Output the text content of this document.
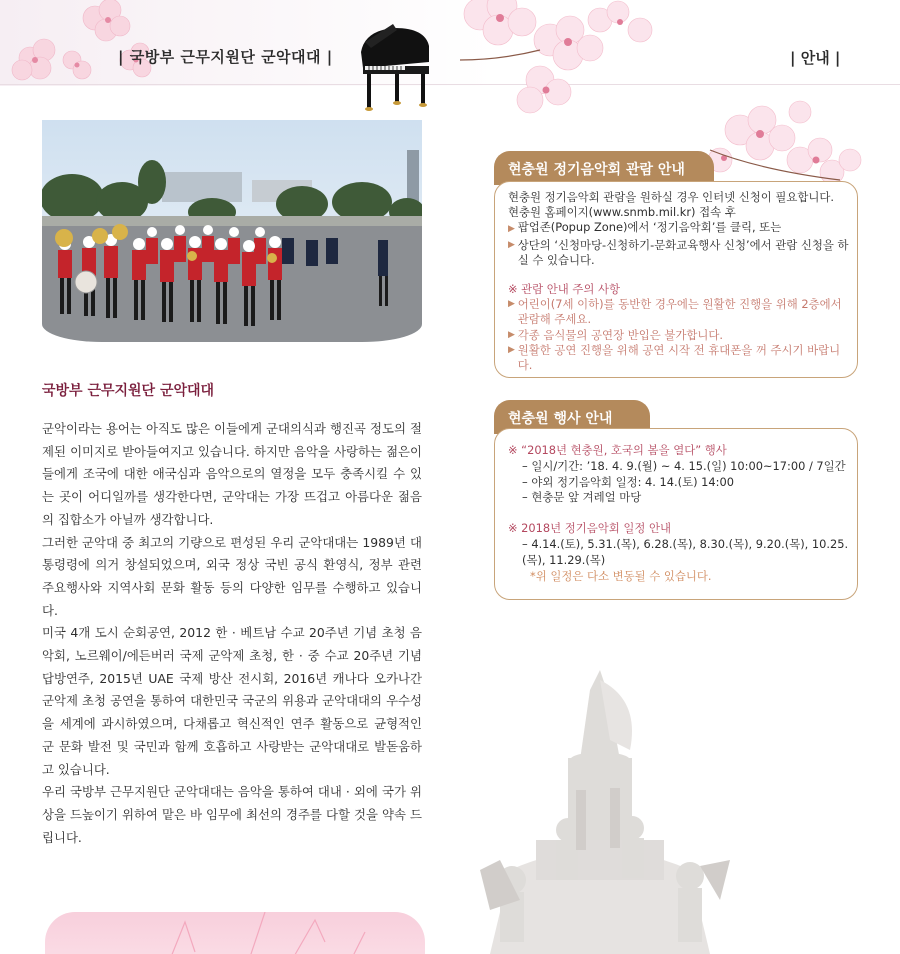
| 국방부 근무지원단 군악대대 |	| 안내 |
국방부 근무지원단 군악대대

군악이라는 용어는 아직도 많은 이들에게 군대의식과 행진곡 정도의 절제된 이미지로 받아들여지고 있습니다. 하지만 음악을 사랑하는 젊은이들에게 조국에 대한 애국심과 음악으로의 열정을 모두 충족시킬 수 있는 곳이 어디일까를 생각한다면, 군악대는 가장 뜨겁고 아름다운 젊음의 집합소가 아닐까 생각합니다.

그러한 군악대 중 최고의 기량으로 편성된 우리 군악대대는 1989년 대통령령에 의거 창설되었으며, 외국 정상 국빈 공식 환영식, 정부 관련 주요행사와 지역사회 문화 활동 등의 다양한 임무를 수행하고 있습니다.

미국 4개 도시 순회공연, 2012 한 · 베트남 수교 20주년 기념 초청 음악회, 노르웨이/에든버러 국제 군악제 초청, 한 · 중 수교 20주년 기념 답방연주, 2015년 UAE 국제 방산 전시회, 2016년 캐나다 오카나간 군악제 초청 공연을 통하여 대한민국 국군의 위용과 군악대대의 우수성을 세계에 과시하였으며, 다채롭고 혁신적인 연주 활동으로 균형적인 군 문화 발전 및 국민과 함께 호흡하고 사랑받는 군악대대로 발돋움하고 있습니다.

우리 국방부 근무지원단 군악대대는 음악을 통하여 대내 · 외에 국가 위상을 드높이기 위하여 맡은 바 임무에 최선의 경주를 다할 것을 약속 드립니다.

현충원 정기음악회 관람 안내
현충원 정기음악회 관람을 원하실 경우 인터넷 신청이 필요합니다.
현충원 홈페이지(www.snmb.mil.kr) 접속 후
▶ 팝업존(Popup Zone)에서 ‘정기음악회’를 클릭, 또는
▶ 상단의 ‘신청마당-신청하기-문화교육행사 신청’에서 관람 신청을 하실 수 있습니다.
※ 관람 안내 주의 사항
▶ 어린이(7세 이하)를 동반한 경우에는 원활한 진행을 위해 2층에서 관람해 주세요.
▶ 각종 음식물의 공연장 반입은 불가합니다.
▶ 원활한 공연 진행을 위해 공연 시작 전 휴대폰을 꺼 주시기 바랍니다.
현충원 행사 안내
※ “2018년 현충원, 호국의 봄을 열다” 행사
– 일시/기간: ’18. 4. 9.(월) ~ 4. 15.(일) 10:00~17:00 / 7일간
– 야외 정기음악회 일정: 4. 14.(토) 14:00
– 현충문 앞 겨레얼 마당
※ 2018년 정기음악회 일정 안내
– 4.14.(토), 5.31.(목), 6.28.(목), 8.30.(목), 9.20.(목), 10.25.(목), 11.29.(목)
*위 일정은 다소 변동될 수 있습니다.
